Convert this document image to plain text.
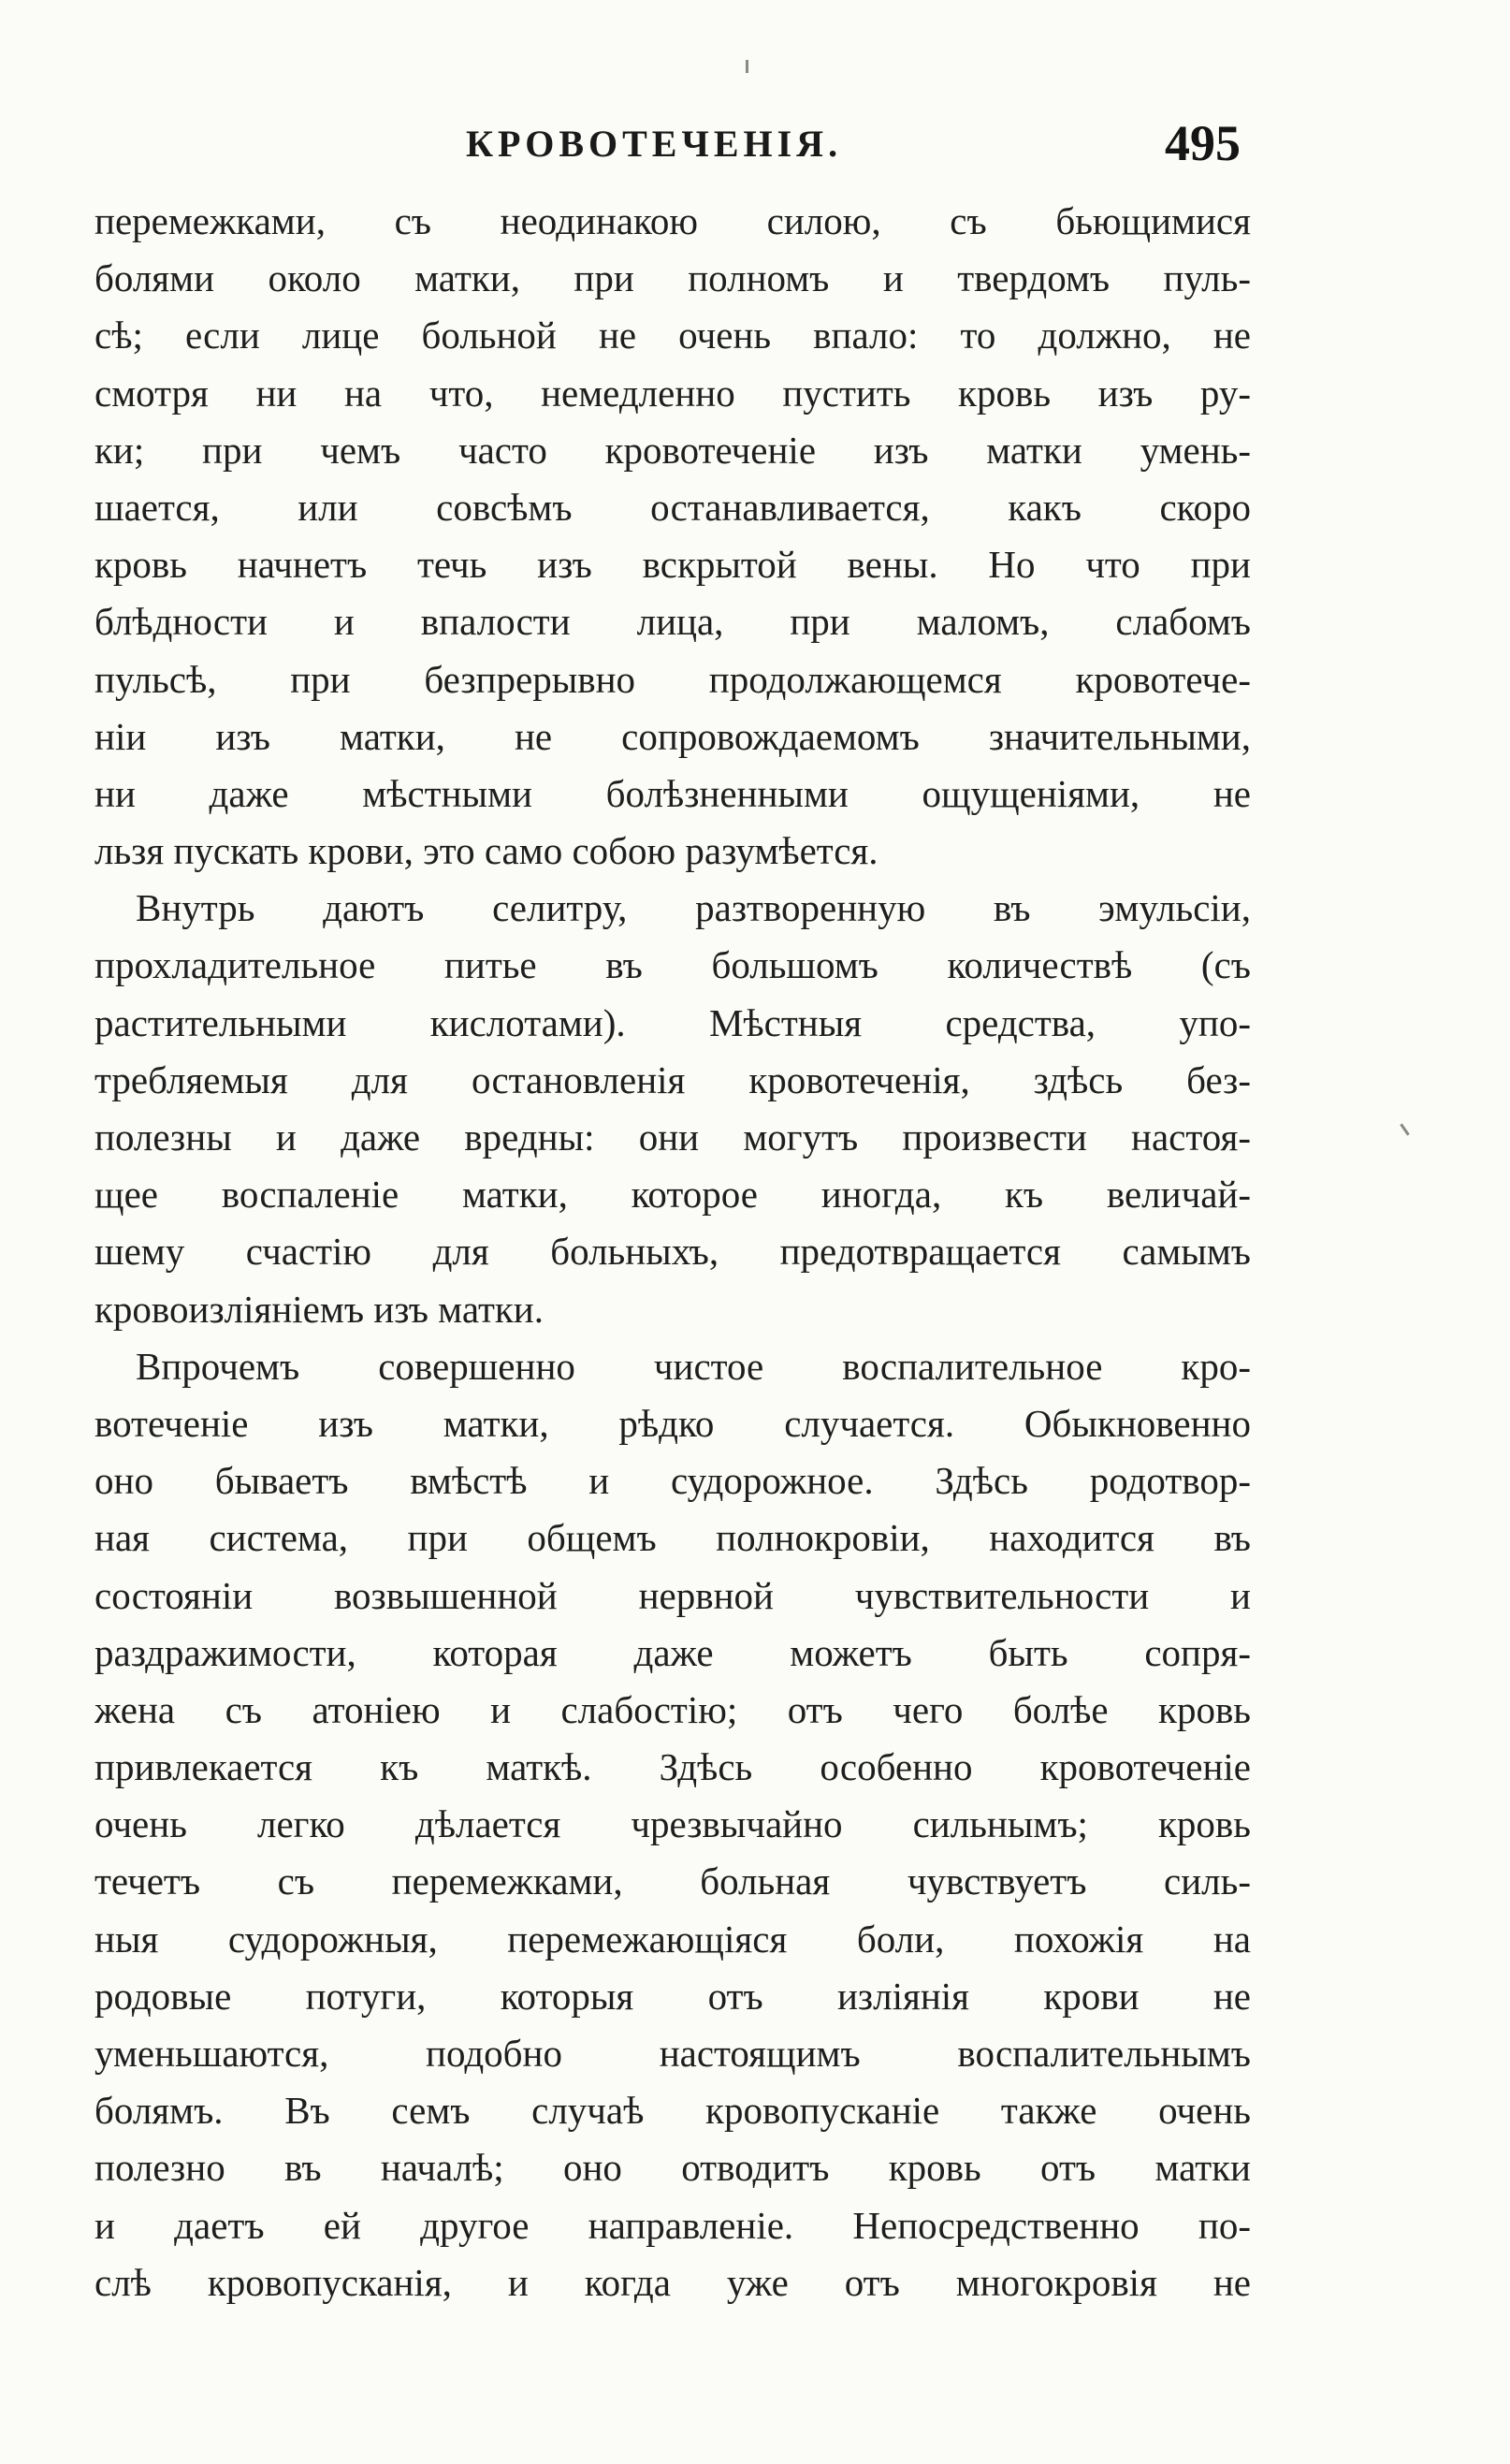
КРОВОТЕЧЕНІЯ.	495
перемежками, съ неодинакою силою, съ бьющимися
болями около матки, при полномъ и твердомъ пуль-
сѣ; если лице больной не очень впало: то должно, не
смотря ни на что, немедленно пустить кровь изъ ру-
ки; при чемъ часто кровотеченіе изъ матки умень-
шается, или совсѣмъ останавливается, какъ скоро
кровь начнетъ течь изъ вскрытой вены. Но что при
блѣдности и впалости лица, при маломъ, слабомъ
пульсѣ, при безпрерывно продолжающемся кровотече-
ніи изъ матки, не сопровождаемомъ значительными,
ни даже мѣстными болѣзненными ощущеніями, не
льзя пускать крови, это само собою разумѣется.
Внутрь даютъ селитру, разтворенную въ эмульсіи,
прохладительное питье въ большомъ количествѣ (съ
растительными кислотами). Мѣстныя средства, упо-
требляемыя для остановленія кровотеченія, здѣсь без-
полезны и даже вредны: они могутъ произвести настоя-
щее воспаленіе матки, которое иногда, къ величай-
шему счастію для больныхъ, предотвращается самымъ
кровоизліяніемъ изъ матки.
Впрочемъ совершенно чистое воспалительное кро-
вотеченіе изъ матки, рѣдко случается. Обыкновенно
оно бываетъ вмѣстѣ и судорожное. Здѣсь родотвор-
ная система, при общемъ полнокровіи, находится въ
состояніи возвышенной нервной чувствительности и
раздражимости, которая даже можетъ быть сопря-
жена съ атоніею и слабостію; отъ чего болѣе кровь
привлекается къ маткѣ. Здѣсь особенно кровотеченіе
очень легко дѣлается чрезвычайно сильнымъ; кровь
течетъ съ перемежками, больная чувствуетъ силь-
ныя судорожныя, перемежающіяся боли, похожія на
родовые потуги, которыя отъ изліянія крови не
уменьшаются, подобно настоящимъ воспалительнымъ
болямъ. Въ семъ случаѣ кровопусканіе также очень
полезно въ началѣ; оно отводитъ кровь отъ матки
и даетъ ей другое направленіе. Непосредственно по-
слѣ кровопусканія, и когда уже отъ многокровія не
